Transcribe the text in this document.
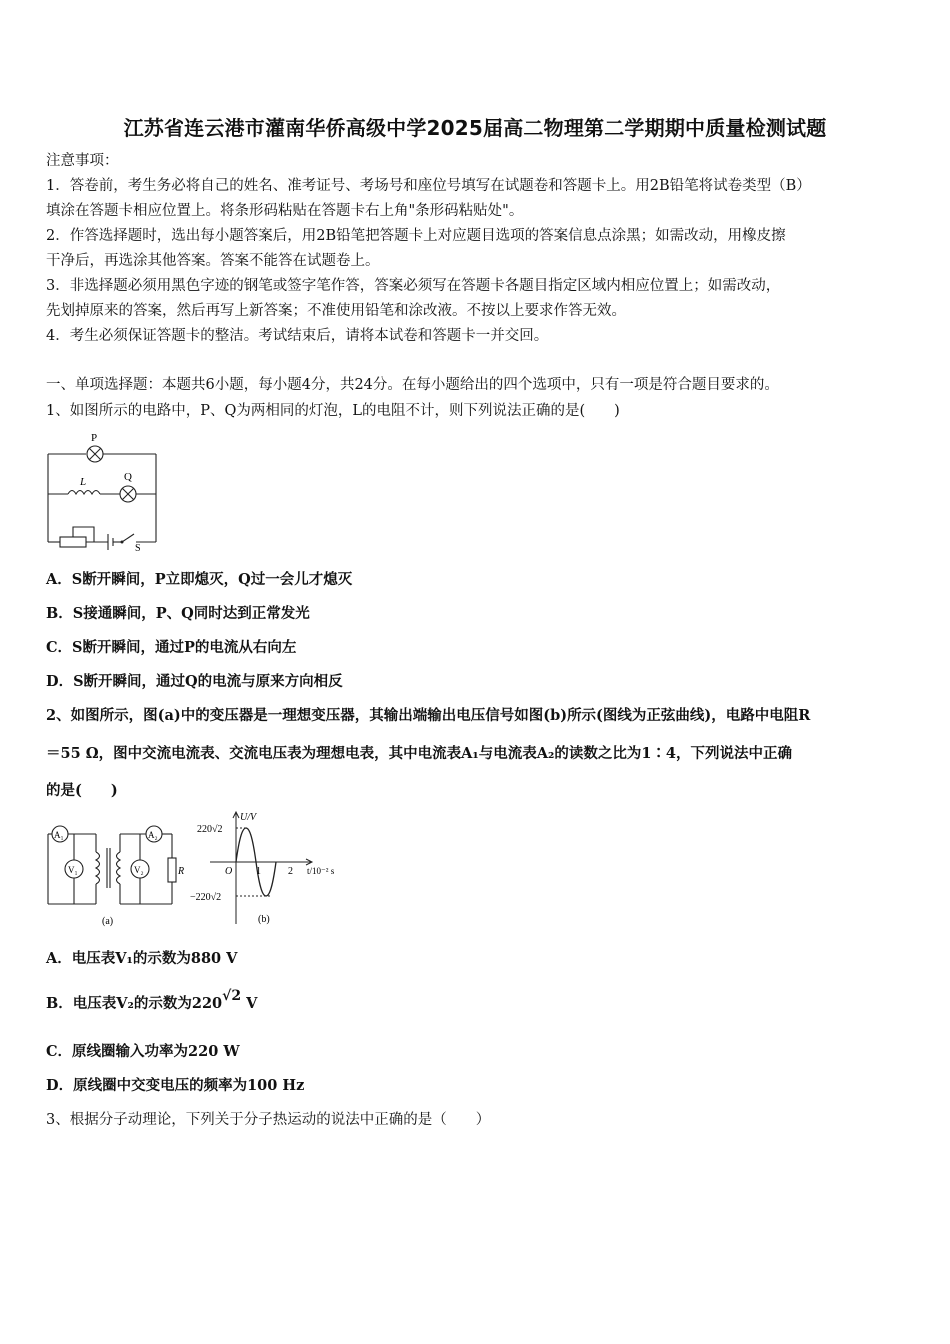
江苏省连云港市灌南华侨高级中学2025届高二物理第二学期期中质量检测试题
注意事项：
1．答卷前，考生务必将自己的姓名、准考证号、考场号和座位号填写在试题卷和答题卡上。用2B铅笔将试卷类型（B）
填涂在答题卡相应位置上。将条形码粘贴在答题卡右上角"条形码粘贴处"。
2．作答选择题时，选出每小题答案后，用2B铅笔把答题卡上对应题目选项的答案信息点涂黑；如需改动，用橡皮擦
干净后，再选涂其他答案。答案不能答在试题卷上。
3．非选择题必须用黑色字迹的钢笔或签字笔作答，答案必须写在答题卡各题目指定区域内相应位置上；如需改动，
先划掉原来的答案，然后再写上新答案；不准使用铅笔和涂改液。不按以上要求作答无效。
4．考生必须保证答题卡的整洁。考试结束后，请将本试卷和答题卡一并交回。
一、单项选择题：本题共6小题，每小题4分，共24分。在每小题给出的四个选项中，只有一项是符合题目要求的。
1、如图所示的电路中，P、Q为两相同的灯泡，L的电阻不计，则下列说法正确的是(　　)
P
L	Q
S
A．S断开瞬间，P立即熄灭，Q过一会儿才熄灭
B．S接通瞬间，P、Q同时达到正常发光
C．S断开瞬间，通过P的电流从右向左
D．S断开瞬间，通过Q的电流与原来方向相反
2、如图所示，图(a)中的变压器是一理想变压器，其输出端输出电压信号如图(b)所示(图线为正弦曲线)，电路中电阻R
＝55 Ω，图中交流电流表、交流电压表为理想电表，其中电流表A₁与电流表A₂的读数之比为1∶4，下列说法中正确
的是(　　)
A₁
V₁
A₂
V₂	R
(a)
U/V
220√2
−220√2
O 1	2 t/10⁻² s
(b)
A．电压表V₁的示数为880 V
B．电压表V₂的示数为220√2 V
C．原线圈输入功率为220 W
D．原线圈中交变电压的频率为100 Hz
3、根据分子动理论，下列关于分子热运动的说法中正确的是（　　）
